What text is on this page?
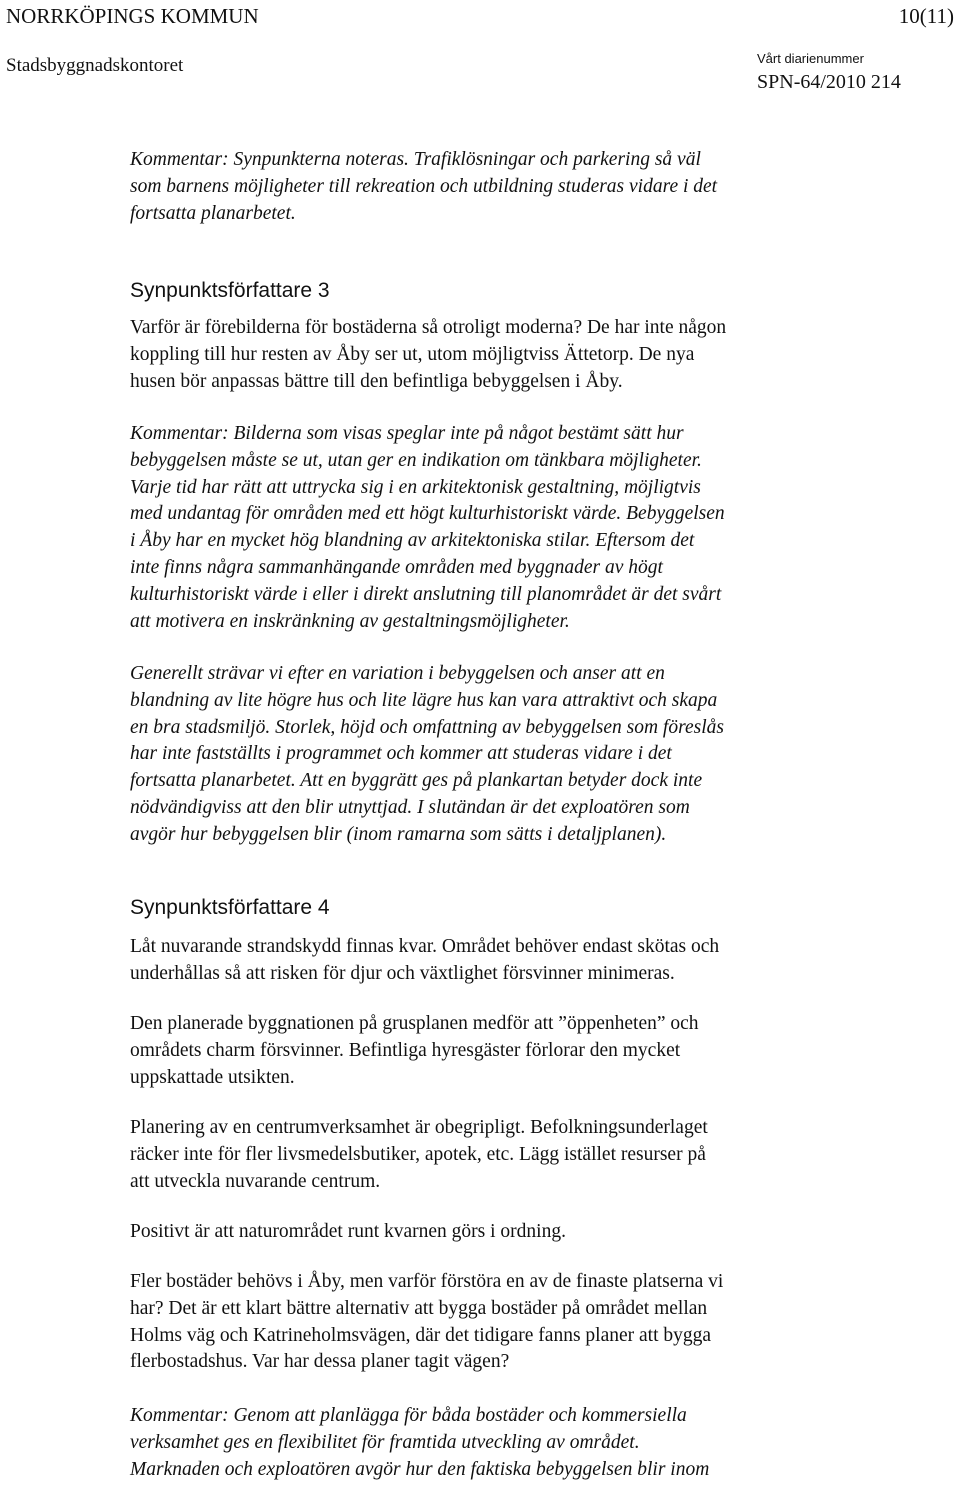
NORRKÖPINGS KOMMUN	10(11)
Stadsbyggnadskontoret	Vårt diarienummer
SPN-64/2010 214
Kommentar: Synpunkterna noteras. Trafiklösningar och parkering så väl
som barnens möjligheter till rekreation och utbildning studeras vidare i det
fortsatta planarbetet.
Synpunktsförfattare 3
Varför är förebilderna för bostäderna så otroligt moderna? De har inte någon
koppling till hur resten av Åby ser ut, utom möjligtviss Ättetorp. De nya
husen bör anpassas bättre till den befintliga bebyggelsen i Åby.
Kommentar: Bilderna som visas speglar inte på något bestämt sätt hur
bebyggelsen måste se ut, utan ger en indikation om tänkbara möjligheter.
Varje tid har rätt att uttrycka sig i en arkitektonisk gestaltning, möjligtvis
med undantag för områden med ett högt kulturhistoriskt värde. Bebyggelsen
i Åby har en mycket hög blandning av arkitektoniska stilar. Eftersom det
inte finns några sammanhängande områden med byggnader av högt
kulturhistoriskt värde i eller i direkt anslutning till planområdet är det svårt
att motivera en inskränkning av gestaltningsmöjligheter.
Generellt strävar vi efter en variation i bebyggelsen och anser att en
blandning av lite högre hus och lite lägre hus kan vara attraktivt och skapa
en bra stadsmiljö. Storlek, höjd och omfattning av bebyggelsen som föreslås
har inte fastställts i programmet och kommer att studeras vidare i det
fortsatta planarbetet. Att en byggrätt ges på plankartan betyder dock inte
nödvändigviss att den blir utnyttjad. I slutändan är det exploatören som
avgör hur bebyggelsen blir (inom ramarna som sätts i detaljplanen).
Synpunktsförfattare 4
Låt nuvarande strandskydd finnas kvar. Området behöver endast skötas och
underhållas så att risken för djur och växtlighet försvinner minimeras.
Den planerade byggnationen på grusplanen medför att ”öppenheten” och
områdets charm försvinner. Befintliga hyresgäster förlorar den mycket
uppskattade utsikten.
Planering av en centrumverksamhet är obegripligt. Befolkningsunderlaget
räcker inte för fler livsmedelsbutiker, apotek, etc. Lägg istället resurser på
att utveckla nuvarande centrum.
Positivt är att naturområdet runt kvarnen görs i ordning.
Fler bostäder behövs i Åby, men varför förstöra en av de finaste platserna vi
har? Det är ett klart bättre alternativ att bygga bostäder på området mellan
Holms väg och Katrineholmsvägen, där det tidigare fanns planer att bygga
flerbostadshus. Var har dessa planer tagit vägen?
Kommentar: Genom att planlägga för båda bostäder och kommersiella
verksamhet ges en flexibilitet för framtida utveckling av området.
Marknaden och exploatören avgör hur den faktiska bebyggelsen blir inom
